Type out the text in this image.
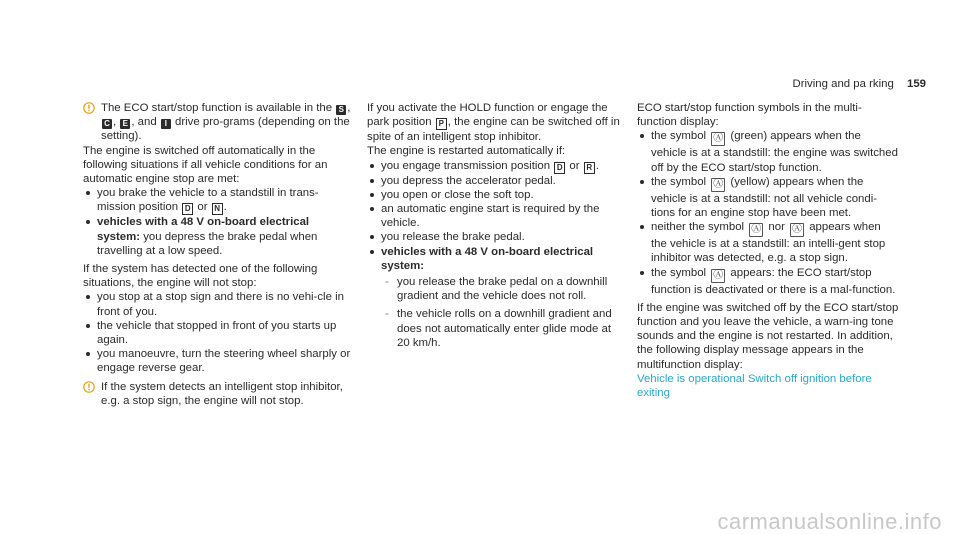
Driving and pa rking 159
The ECO start/stop function is available in the S , C , E , and I drive pro-grams (depending on the setting).

The engine is switched off automatically in the following situations if all vehicle conditions for an automatic engine stop are met:

you brake the vehicle to a standstill in trans-mission position D or N .
vehicles with a 48 V on-board electrical system: you depress the brake pedal when travelling at a low speed.

If the system has detected one of the following situations, the engine will not stop:

you stop at a stop sign and there is no vehi-cle in front of you.
the vehicle that stopped in front of you starts up again.
you manoeuvre, turn the steering wheel sharply or engage reverse gear.
If the system detects an intelligent stop inhibitor, e.g. a stop sign, the engine will not stop.

If you activate the HOLD function or engage the park position P , the engine can be switched off in spite of an intelligent stop inhibitor.

The engine is restarted automatically if:

you engage transmission position D or R .
you depress the accelerator pedal.
you open or close the soft top.
an automatic engine start is required by the vehicle.
you release the brake pedal.
vehicles with a 48 V on-board electrical system:
- you release the brake pedal on a downhill gradient and the vehicle does not roll.
- the vehicle rolls on a downhill gradient and does not automatically enter glide mode at 20 km/h.

ECO start/stop function symbols in the multi-function display:

the symbol Ⓐ (green) appears when the vehicle is at a standstill: the engine was switched off by the ECO start/stop function.
the symbol Ⓐ (yellow) appears when the vehicle is at a standstill: not all vehicle condi-tions for an engine stop have been met.
neither the symbol Ⓐ nor Ⓐ appears when the vehicle is at a standstill: an intelli-gent stop inhibitor was detected, e.g. a stop sign.
the symbol Ⓐ appears: the ECO start/stop function is deactivated or there is a mal-function.

If the engine was switched off by the ECO start/stop function and you leave the vehicle, a warn-ing tone sounds and the engine is not restarted. In addition, the following display message appears in the multifunction display:

Vehicle is operational Switch off ignition before exiting

carmanualsonline.info
